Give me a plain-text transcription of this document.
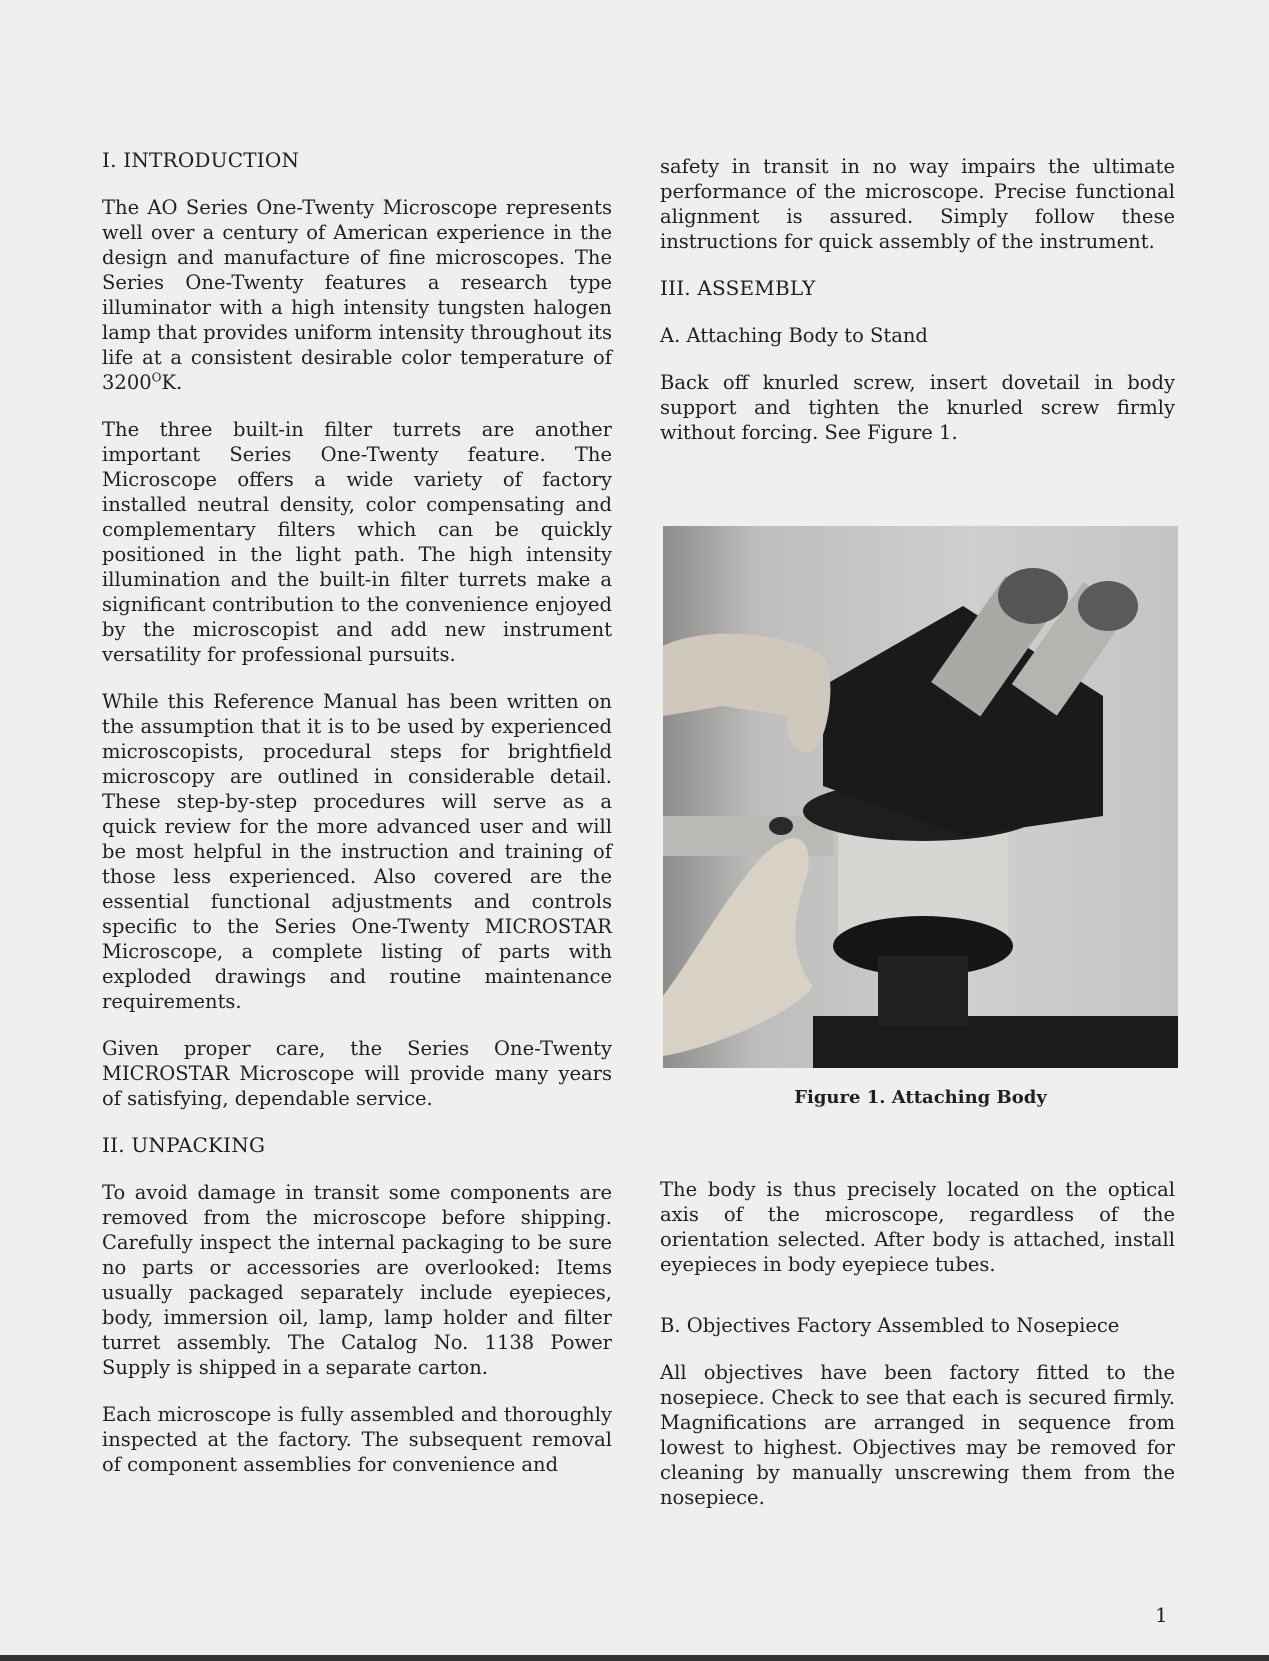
I. INTRODUCTION

The AO Series One-Twenty Microscope represents well over a century of American experience in the design and manufacture of fine microscopes. The Series One-Twenty features a research type illuminator with a high intensity tungsten halogen lamp that provides uniform intensity throughout its life at a consistent desirable color temperature of $3200^OK$.

The three built-in filter turrets are another important Series One-Twenty feature. The Microscope offers a wide variety of factory installed neutral density, color compensating and complementary filters which can be quickly positioned in the light path. The high intensity illumination and the built-in filter turrets make a significant contribution to the convenience enjoyed by the microscopist and add new instrument versatility for professional pursuits.

While this Reference Manual has been written on the assumption that it is to be used by experienced microscopists, procedural steps for brightfield microscopy are outlined in considerable detail. These step-by-step procedures will serve as a quick review for the more advanced user and will be most helpful in the instruction and training of those less experienced. Also covered are the essential functional adjustments and controls specific to the Series One-Twenty MICROSTAR Microscope, a complete listing of parts with exploded drawings and routine maintenance requirements.

Given proper care, the Series One-Twenty MICROSTAR Microscope will provide many years of satisfying, dependable service.

II. UNPACKING

To avoid damage in transit some components are removed from the microscope before shipping. Carefully inspect the internal packaging to be sure no parts or accessories are overlooked: Items usually packaged separately include eyepieces, body, immersion oil, lamp, lamp holder and filter turret assembly. The Catalog No. 1138 Power Supply is shipped in a separate carton.

Each microscope is fully assembled and thoroughly inspected at the factory. The subsequent removal of component assemblies for convenience and

safety in transit in no way impairs the ultimate performance of the microscope. Precise functional alignment is assured. Simply follow these instructions for quick assembly of the instrument.

III. ASSEMBLY
A. Attaching Body to Stand

Back off knurled screw, insert dovetail in body support and tighten the knurled screw firmly without forcing. See Figure 1.

Figure 1. Attaching Body

The body is thus precisely located on the optical axis of the microscope, regardless of the orientation selected. After body is attached, install eyepieces in body eyepiece tubes.

B. Objectives Factory Assembled to Nosepiece

All objectives have been factory fitted to the nosepiece. Check to see that each is secured firmly. Magnifications are arranged in sequence from lowest to highest. Objectives may be removed for cleaning by manually unscrewing them from the nosepiece.

1
